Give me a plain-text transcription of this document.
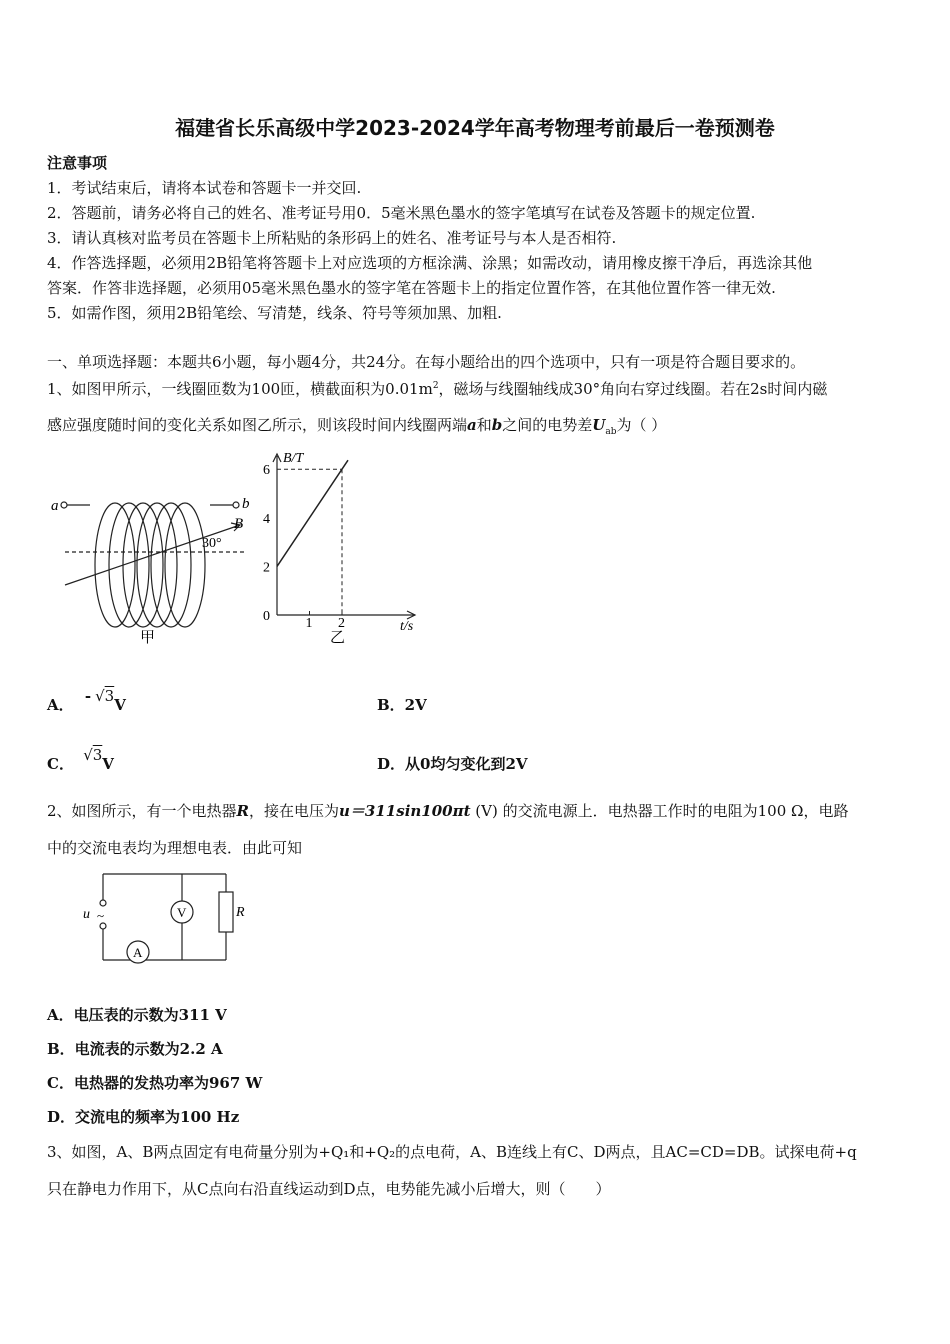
福建省长乐高级中学2023-2024学年高考物理考前最后一卷预测卷
注意事项
1．考试结束后，请将本试卷和答题卡一并交回.
2．答题前，请务必将自己的姓名、准考证号用0．5毫米黑色墨水的签字笔填写在试卷及答题卡的规定位置.
3．请认真核对监考员在答题卡上所粘贴的条形码上的姓名、准考证号与本人是否相符.
4．作答选择题，必须用2B铅笔将答题卡上对应选项的方框涂满、涂黑；如需改动，请用橡皮擦干净后，再选涂其他
答案．作答非选择题，必须用05毫米黑色墨水的签字笔在答题卡上的指定位置作答，在其他位置作答一律无效.
5．如需作图，须用2B铅笔绘、写清楚，线条、符号等须加黑、加粗.
一、单项选择题：本题共6小题，每小题4分，共24分。在每小题给出的四个选项中，只有一项是符合题目要求的。
1、如图甲所示，一线圈匝数为100匝，横截面积为$0.01m^2$，磁场与线圈轴线成30°角向右穿过线圈。若在2s时间内磁
感应强度随时间的变化关系如图乙所示，则该段时间内线圈两端a和b之间的电势差$U_{ab}$为（ ）
a	b
B
30°
甲
B/T
t/s
6
4
2
0	1 2
乙
A． - √3V	B．2V
C． √3V	D．从0均匀变化到2V
2、如图所示，有一个电热器R，接在电压为u＝311sin100πt (V) 的交流电源上．电热器工作时的电阻为100 Ω，电路
中的交流电表均为理想电表．由此可知
u ~	V
A
R
A．电压表的示数为311 V
B．电流表的示数为2.2 A
C．电热器的发热功率为967 W
D．交流电的频率为100 Hz
3、如图，A、B两点固定有电荷量分别为+Q₁和+Q₂的点电荷，A、B连线上有C、D两点，且AC=CD=DB。试探电荷+q
只在静电力作用下，从C点向右沿直线运动到D点，电势能先减小后增大，则（　　）
